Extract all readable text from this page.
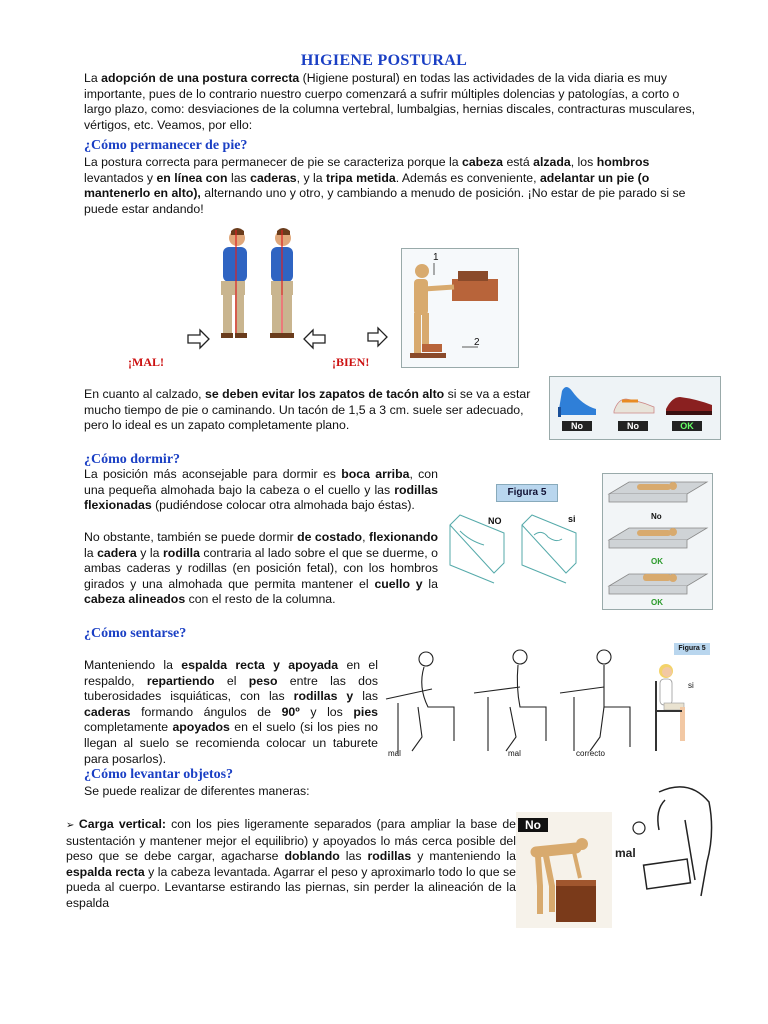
HIGIENE POSTURAL
La adopción de una postura correcta (Higiene postural) en todas las actividades de la vida diaria es muy importante, pues de lo contrario nuestro cuerpo comenzará a sufrir múltiples dolencias y patologías, a corto o largo plazo, como: desviaciones de la columna vertebral, lumbalgias, hernias discales, contracturas musculares, vértigos, etc. Veamos, por ello:
¿Cómo permanecer de pie?
La postura correcta para permanecer de pie se caracteriza porque la cabeza está alzada, los hombros levantados y en línea con las caderas, y la tripa metida. Además es conveniente, adelantar un pie (o mantenerlo en alto), alternando uno y otro, y cambiando a menudo de posición. ¡No estar de pie parado si se puede estar andando!
¡MAL!	¡BIEN!
1
2
En cuanto al calzado, se deben evitar los zapatos de tacón alto si se va a estar mucho tiempo de pie o caminando. Un tacón de 1,5 a 3 cm. suele ser adecuado, pero lo ideal es un zapato completamente plano.	No	No	OK
¿Cómo dormir?
La posición más aconsejable para dormir es boca arriba, con una pequeña almohada bajo la cabeza o el cuello y las rodillas flexionadas (pudiéndose colocar otra almohada bajo éstas).
No obstante, también se puede dormir de costado, flexionando la cadera y la rodilla contraria al lado sobre el que se duerme, o ambas caderas y rodillas (en posición fetal), con los hombros girados y una almohada que permita mantener el cuello y la cabeza alineados con el resto de la columna.
Figura 5
NO	si	No
OK
OK
¿Cómo sentarse?
Manteniendo la espalda recta y apoyada en el respaldo, repartiendo el peso entre las dos tuberosidades isquiáticas, con las rodillas y las caderas formando ángulos de 90º y los pies completamente apoyados en el suelo (si los pies no llegan al suelo se recomienda colocar un taburete para posarlos).	mal	mal	correcto
Figura 5
si
¿Cómo levantar objetos?
Se puede realizar de diferentes maneras:
➢ Carga vertical: con los pies ligeramente separados (para ampliar la base de sustentación y mantener mejor el equilibrio) y apoyados lo más cerca posible del peso que se debe cargar, agacharse doblando las rodillas y manteniendo la espalda recta y la cabeza levantada. Agarrar el peso y aproximarlo todo lo que se pueda al cuerpo. Levantarse estirando las piernas, sin perder la alineación de la espalda
No
mal
